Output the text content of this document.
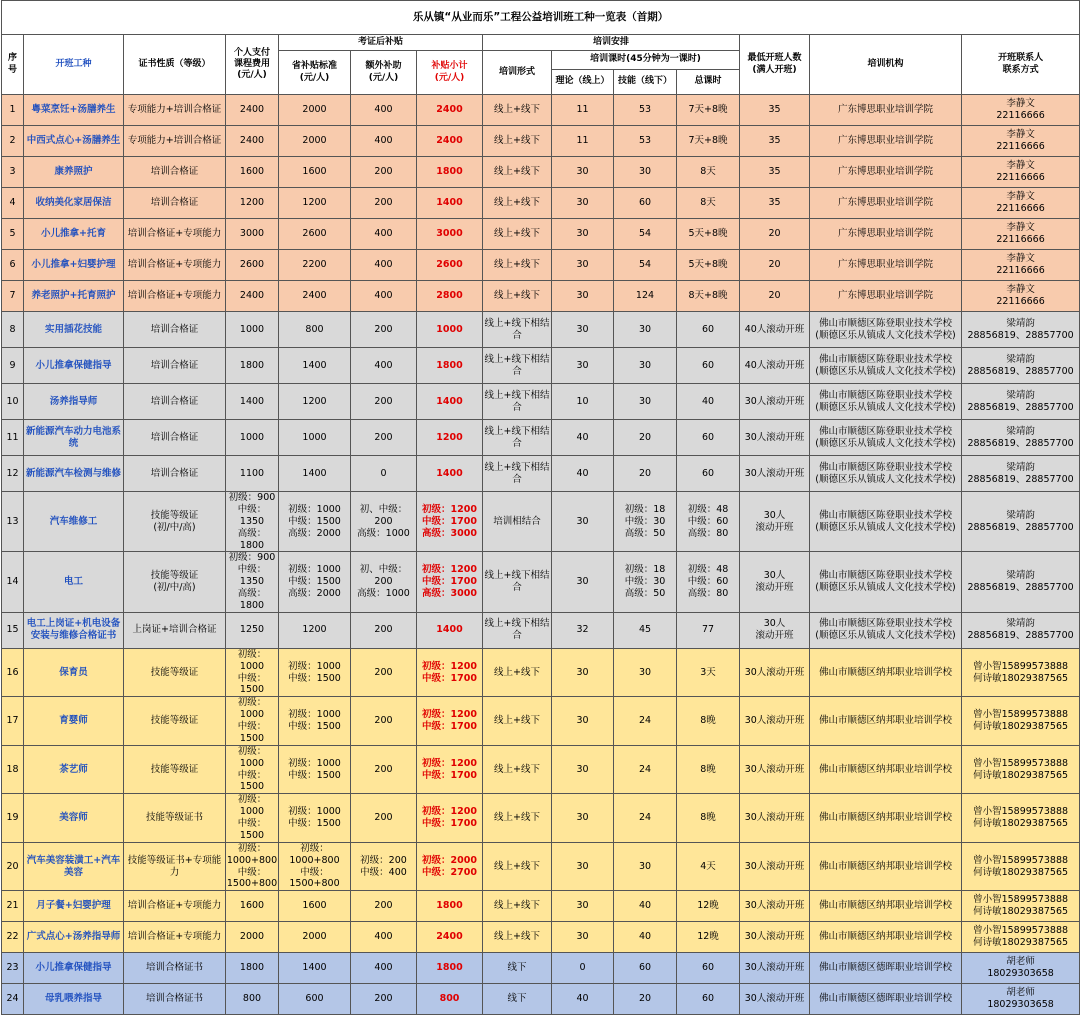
乐从镇“从业而乐”工程公益培训班工种一览表（首期）													
序
号	开班工种	证书性质（等级）	个人支付
课程费用
(元/人)	考证后补贴			培训安排				最低开班人数
(满人开班)	培训机构	开班联系人
联系方式
				省补贴标准
(元/人)	额外补助
(元/人)	补贴小计
(元/人)	培训形式	培训课时(45分钟为一课时)					
								理论（线上）	技能（线下）	总课时			
1	粤菜烹饪+汤膳养生	专项能力+培训合格证	2400	2000	400	2400	线上+线下	11	53	7天+8晚	35	广东博思职业培训学院	李静文
22116666
2	中西式点心+汤膳养生	专项能力+培训合格证	2400	2000	400	2400	线上+线下	11	53	7天+8晚	35	广东博思职业培训学院	李静文
22116666
3	康养照护	培训合格证	1600	1600	200	1800	线上+线下	30	30	8天	35	广东博思职业培训学院	李静文
22116666
4	收纳美化家居保洁	培训合格证	1200	1200	200	1400	线上+线下	30	60	8天	35	广东博思职业培训学院	李静文
22116666
5	小儿推拿+托育	培训合格证+专项能力	3000	2600	400	3000	线上+线下	30	54	5天+8晚	20	广东博思职业培训学院	李静文
22116666
6	小儿推拿+妇婴护理	培训合格证+专项能力	2600	2200	400	2600	线上+线下	30	54	5天+8晚	20	广东博思职业培训学院	李静文
22116666
7	养老照护+托育照护	培训合格证+专项能力	2400	2400	400	2800	线上+线下	30	124	8天+8晚	20	广东博思职业培训学院	李静文
22116666
8	实用插花技能	培训合格证	1000	800	200	1000	线上+线下相结
合	30	30	60	40人滚动开班	佛山市顺德区陈登职业技术学校
(顺德区乐从镇成人文化技术学校)	梁靖韵
28856819、28857700
9	小儿推拿保健指导	培训合格证	1800	1400	400	1800	线上+线下相结
合	30	30	60	40人滚动开班	佛山市顺德区陈登职业技术学校
(顺德区乐从镇成人文化技术学校)	梁靖韵
28856819、28857700
10	汤养指导师	培训合格证	1400	1200	200	1400	线上+线下相结
合	10	30	40	30人滚动开班	佛山市顺德区陈登职业技术学校
(顺德区乐从镇成人文化技术学校)	梁靖韵
28856819、28857700
11	新能源汽车动力电池系
统	培训合格证	1000	1000	200	1200	线上+线下相结
合	40	20	60	30人滚动开班	佛山市顺德区陈登职业技术学校
(顺德区乐从镇成人文化技术学校)	梁靖韵
28856819、28857700
12	新能源汽车检测与维修	培训合格证	1100	1400	0	1400	线上+线下相结
合	40	20	60	30人滚动开班	佛山市顺德区陈登职业技术学校
(顺德区乐从镇成人文化技术学校)	梁靖韵
28856819、28857700
13	汽车维修工	技能等级证
(初/中/高)	初级：900
中级：1350
高级：1800	初级：1000
中级：1500
高级：2000	初、中级：200
高级：1000	初级：1200
中级：1700
高级：3000	培训相结合	30	初级：18
中级：30
高级：50	初级：48
中级：60
高级：80	30人
滚动开班	佛山市顺德区陈登职业技术学校
(顺德区乐从镇成人文化技术学校)	梁靖韵
28856819、28857700
14	电工	技能等级证
(初/中/高)	初级：900
中级：1350
高级：1800	初级：1000
中级：1500
高级：2000	初、中级：200
高级：1000	初级：1200
中级：1700
高级：3000	线上+线下相结
合	30	初级：18
中级：30
高级：50	初级：48
中级：60
高级：80	30人
滚动开班	佛山市顺德区陈登职业技术学校
(顺德区乐从镇成人文化技术学校)	梁靖韵
28856819、28857700
15	电工上岗证+机电设备
安装与维修合格证书	上岗证+培训合格证	1250	1200	200	1400	线上+线下相结
合	32	45	77	30人
滚动开班	佛山市顺德区陈登职业技术学校
(顺德区乐从镇成人文化技术学校)	梁靖韵
28856819、28857700
16	保育员	技能等级证	初级：1000
中级：1500	初级：1000
中级：1500	200	初级：1200
中级：1700	线上+线下	30	30	3天	30人滚动开班	佛山市顺德区纳邦职业培训学校	曾小智15899573888
何诗敏18029387565
17	育婴师	技能等级证	初级：1000
中级：1500	初级：1000
中级：1500	200	初级：1200
中级：1700	线上+线下	30	24	8晚	30人滚动开班	佛山市顺德区纳邦职业培训学校	曾小智15899573888
何诗敏18029387565
18	茶艺师	技能等级证	初级：1000
中级：1500	初级：1000
中级：1500	200	初级：1200
中级：1700	线上+线下	30	24	8晚	30人滚动开班	佛山市顺德区纳邦职业培训学校	曾小智15899573888
何诗敏18029387565
19	美容师	技能等级证书	初级：1000
中级：1500	初级：1000
中级：1500	200	初级：1200
中级：1700	线上+线下	30	24	8晚	30人滚动开班	佛山市顺德区纳邦职业培训学校	曾小智15899573888
何诗敏18029387565
20	汽车美容装潢工+汽车
美容	技能等级证书+专项能力	初级：
1000+800
中级：
1500+800	初级：1000+800
中级：1500+800	初级：200
中级：400	初级：2000
中级：2700	线上+线下	30	30	4天	30人滚动开班	佛山市顺德区纳邦职业培训学校	曾小智15899573888
何诗敏18029387565
21	月子餐+妇婴护理	培训合格证+专项能力	1600	1600	200	1800	线上+线下	30	40	12晚	30人滚动开班	佛山市顺德区纳邦职业培训学校	曾小智15899573888
何诗敏18029387565
22	广式点心+汤养指导师	培训合格证+专项能力	2000	2000	400	2400	线上+线下	30	40	12晚	30人滚动开班	佛山市顺德区纳邦职业培训学校	曾小智15899573888
何诗敏18029387565
23	小儿推拿保健指导	培训合格证书	1800	1400	400	1800	线下	0	60	60	30人滚动开班	佛山市顺德区德晖职业培训学校	胡老师
18029303658
24	母乳喂养指导	培训合格证书	800	600	200	800	线下	40	20	60	30人滚动开班	佛山市顺德区德晖职业培训学校	胡老师
18029303658
